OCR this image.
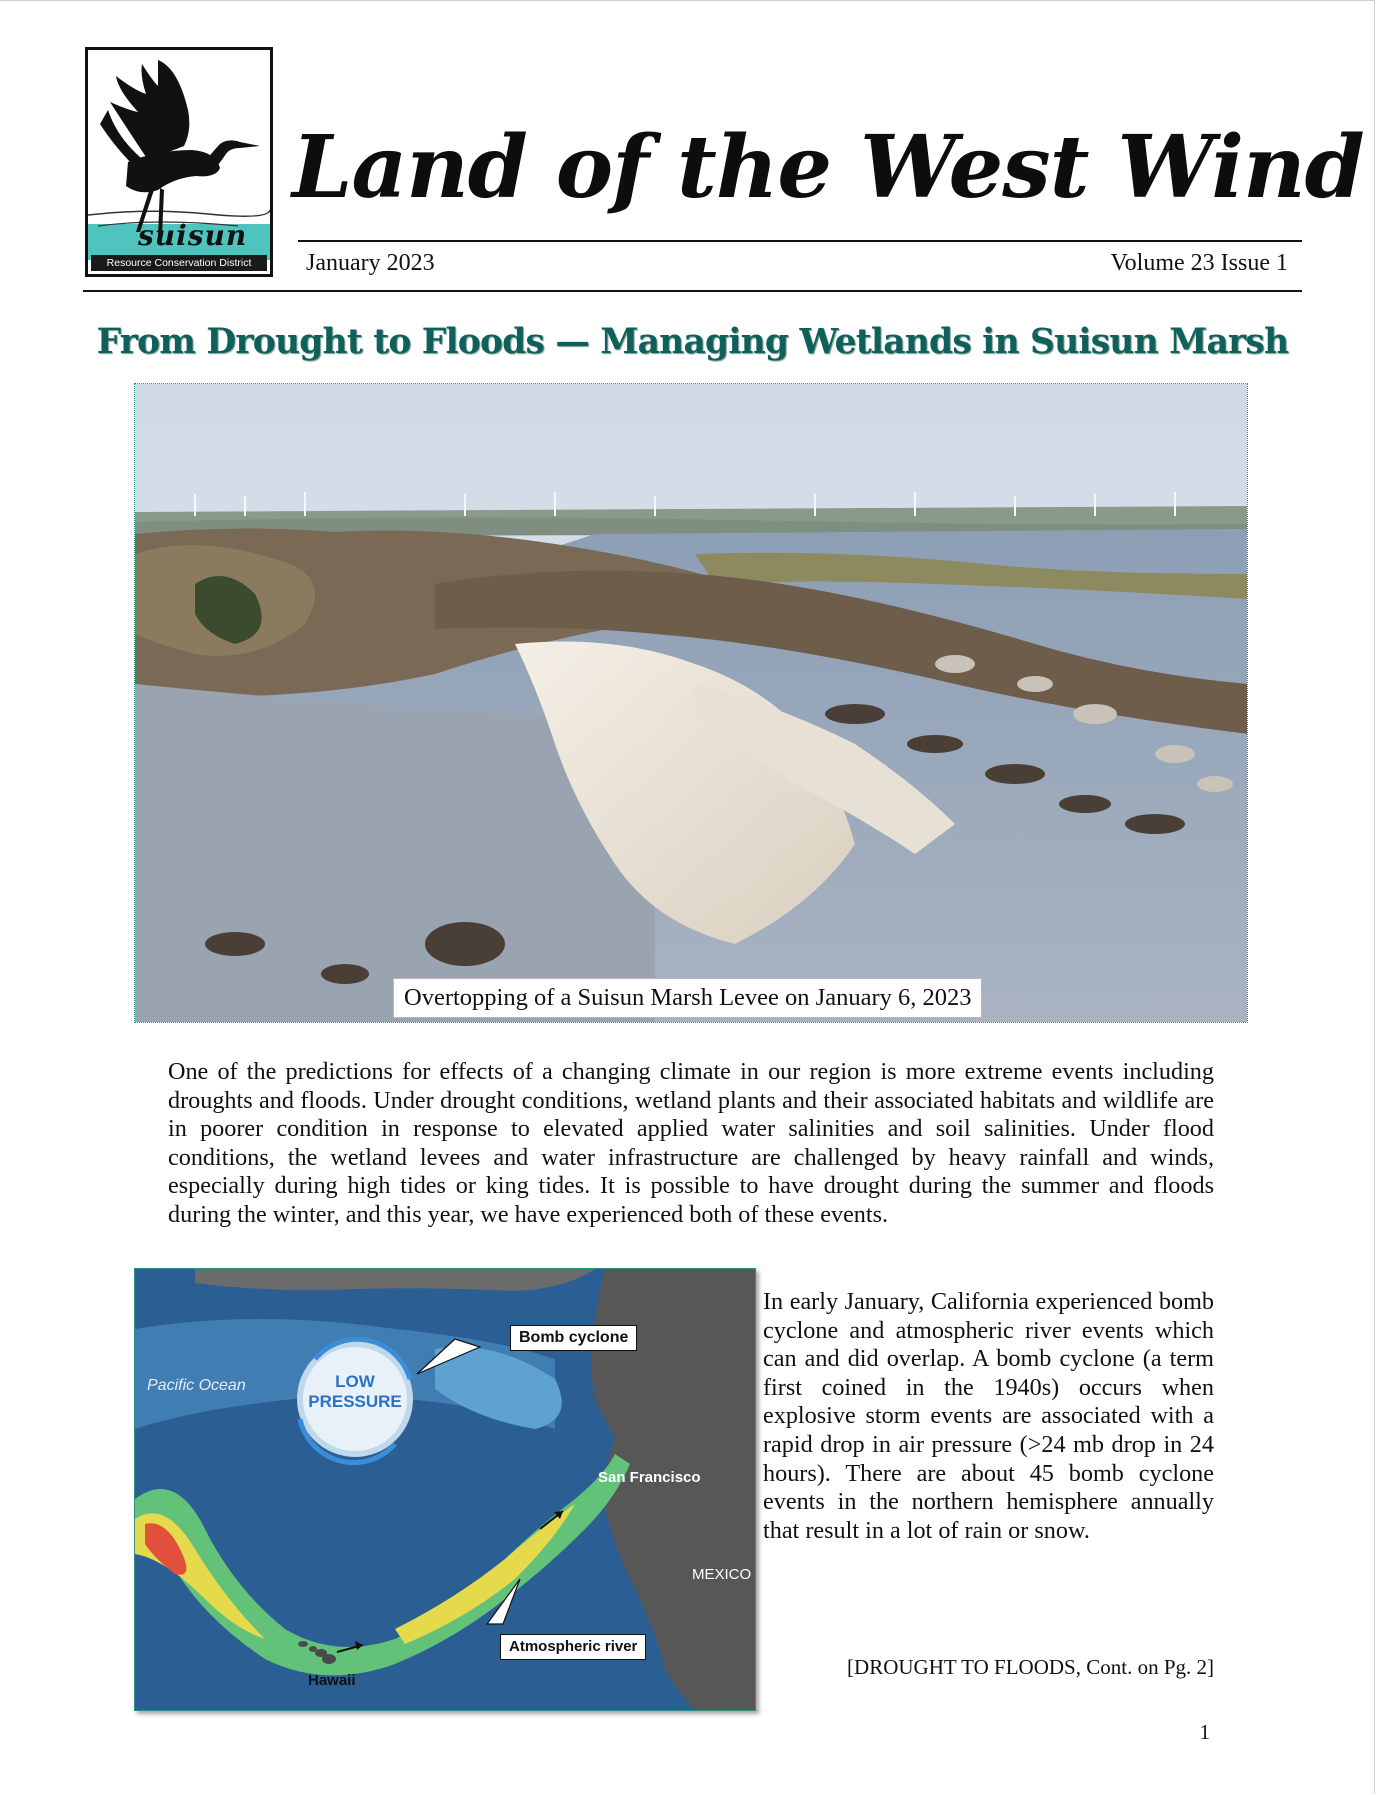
suisun
Resource Conservation District
Land of the West Wind
January 2023	Volume 23 Issue 1
From Drought to Floods — Managing Wetlands in Suisun Marsh
Overtopping of a Suisun Marsh Levee on January 6, 2023
One of the predictions for effects of a changing climate in our region is more extreme events including droughts and floods. Under drought conditions, wetland plants and their associated habitats and wildlife are in poorer condition in response to elevated applied water salinities and soil salinities. Under flood conditions, the wetland levees and water infrastructure are challenged by heavy rainfall and winds, especially during high tides or king tides. It is possible to have drought during the summer and floods during the winter, and this year, we have experienced both of these events.
Pacific Ocean	LOW
PRESSURE
Bomb cyclone
San Francisco
MEXICO
Atmospheric river
Hawaii
In early January, California experienced bomb cyclone and atmospheric river events which can and did overlap. A bomb cyclone (a term first coined in the 1940s) occurs when explosive storm events are associated with a rapid drop in air pressure (>24 mb drop in 24 hours). There are about 45 bomb cyclone events in the northern hemisphere annually that result in a lot of rain or snow.
[DROUGHT TO FLOODS, Cont. on Pg. 2]
1
